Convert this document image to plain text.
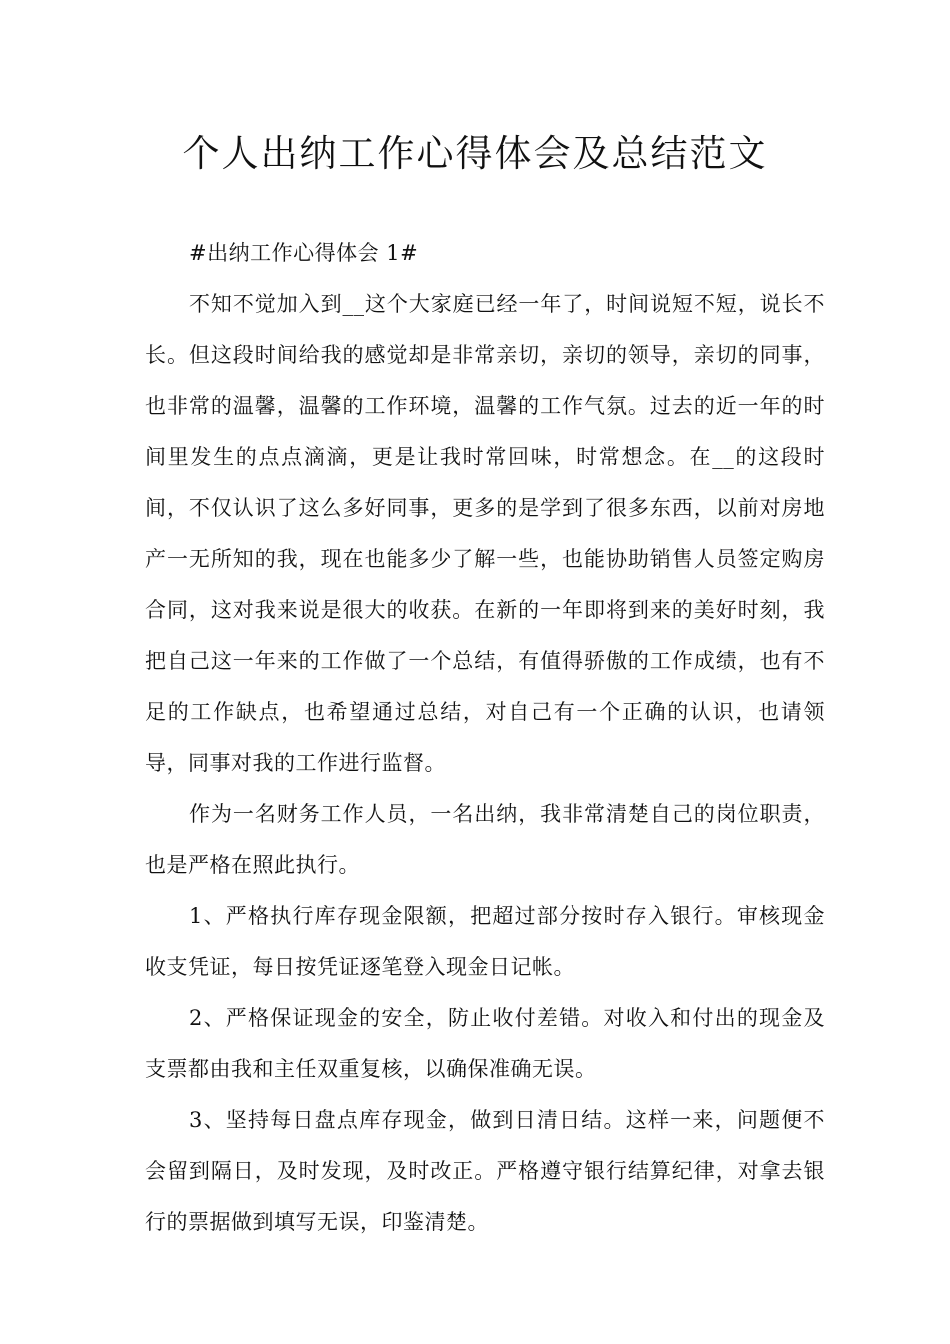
个人出纳工作心得体会及总结范文

#出纳工作心得体会 1#

不知不觉加入到__这个大家庭已经一年了，时间说短不短，说长不长。但这段时间给我的感觉却是非常亲切，亲切的领导，亲切的同事，也非常的温馨，温馨的工作环境，温馨的工作气氛。过去的近一年的时间里发生的点点滴滴，更是让我时常回味，时常想念。在__的这段时间，不仅认识了这么多好同事，更多的是学到了很多东西，以前对房地产一无所知的我，现在也能多少了解一些，也能协助销售人员签定购房合同，这对我来说是很大的收获。在新的一年即将到来的美好时刻，我把自己这一年来的工作做了一个总结，有值得骄傲的工作成绩，也有不足的工作缺点，也希望通过总结，对自己有一个正确的认识，也请领导，同事对我的工作进行监督。

作为一名财务工作人员，一名出纳，我非常清楚自己的岗位职责，也是严格在照此执行。

1、严格执行库存现金限额，把超过部分按时存入银行。审核现金收支凭证，每日按凭证逐笔登入现金日记帐。

2、严格保证现金的安全，防止收付差错。对收入和付出的现金及支票都由我和主任双重复核，以确保准确无误。

3、坚持每日盘点库存现金，做到日清日结。这样一来，问题便不会留到隔日，及时发现，及时改正。严格遵守银行结算纪律，对拿去银行的票据做到填写无误，印鉴清楚。
